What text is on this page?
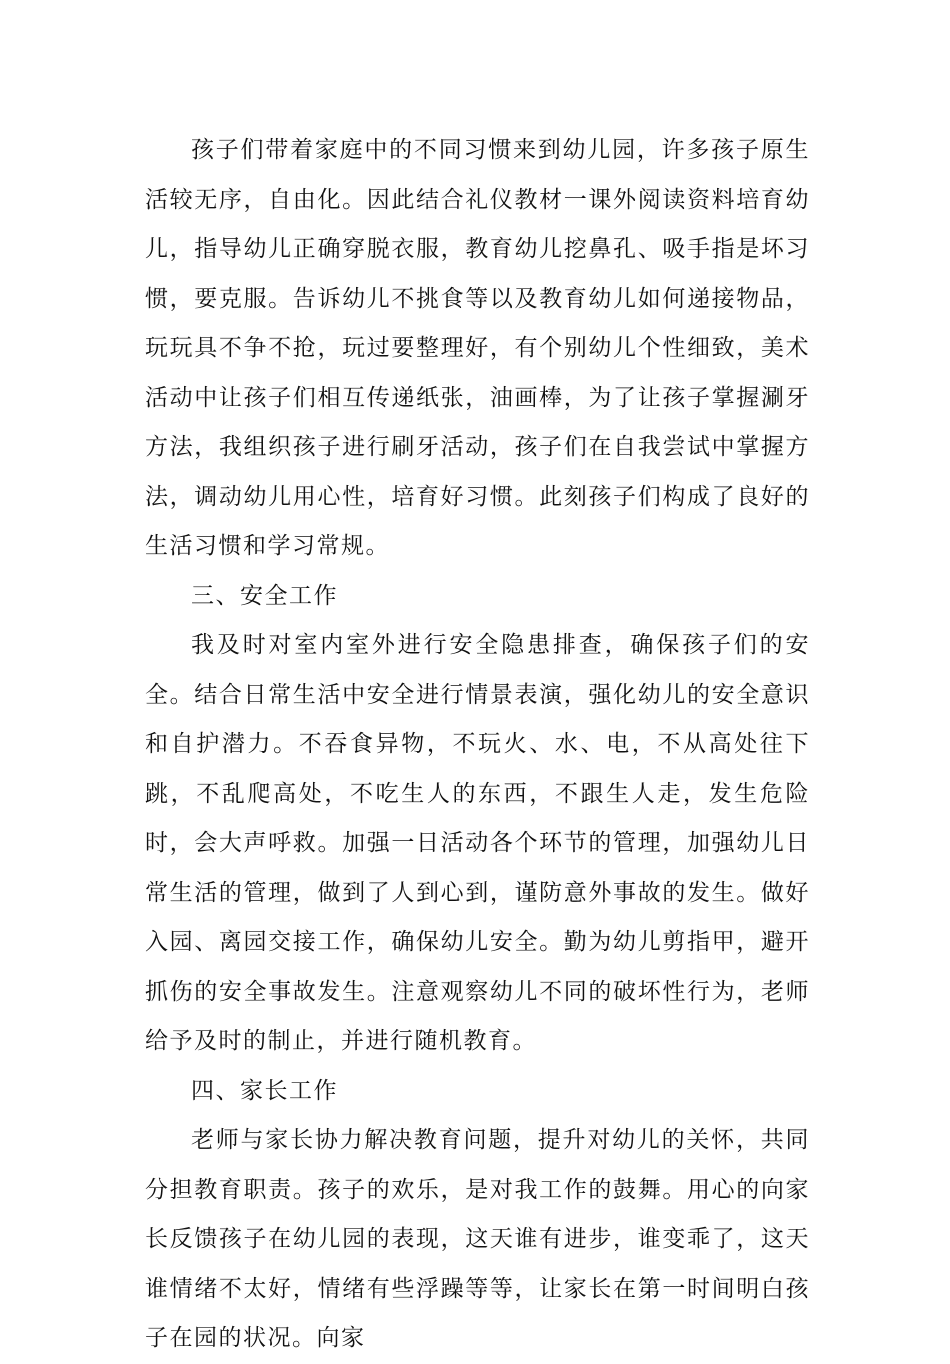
孩子们带着家庭中的不同习惯来到幼儿园，许多孩子原生活较无序，自由化。因此结合礼仪教材一课外阅读资料培育幼儿，指导幼儿正确穿脱衣服，教育幼儿挖鼻孔、吸手指是坏习惯，要克服。告诉幼儿不挑食等以及教育幼儿如何递接物品，玩玩具不争不抢，玩过要整理好，有个别幼儿个性细致，美术活动中让孩子们相互传递纸张，油画棒，为了让孩子掌握涮牙方法，我组织孩子进行刷牙活动，孩子们在自我尝试中掌握方法，调动幼儿用心性，培育好习惯。此刻孩子们构成了良好的生活习惯和学习常规。

三、安全工作

我及时对室内室外进行安全隐患排查，确保孩子们的安全。结合日常生活中安全进行情景表演，强化幼儿的安全意识和自护潜力。不吞食异物，不玩火、水、电，不从高处往下跳，不乱爬高处，不吃生人的东西，不跟生人走，发生危险时，会大声呼救。加强一日活动各个环节的管理，加强幼儿日常生活的管理，做到了人到心到，谨防意外事故的发生。做好入园、离园交接工作，确保幼儿安全。勤为幼儿剪指甲，避开抓伤的安全事故发生。注意观察幼儿不同的破坏性行为，老师给予及时的制止，并进行随机教育。

四、家长工作

老师与家长协力解决教育问题，提升对幼儿的关怀，共同分担教育职责。孩子的欢乐，是对我工作的鼓舞。用心的向家长反馈孩子在幼儿园的表现，这天谁有进步，谁变乖了，这天谁情绪不太好，情绪有些浮躁等等，让家长在第一时间明白孩子在园的状况。向家
